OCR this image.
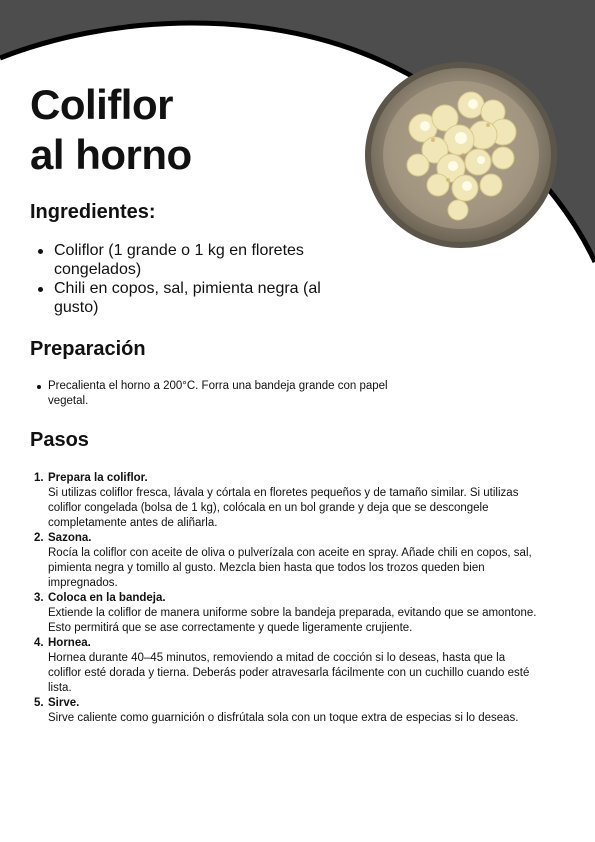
Coliflor
al horno
Ingredientes:
Coliflor (1 grande o 1 kg en floretes congelados)
Chili en copos, sal, pimienta negra (al gusto)
Preparación
Precalienta el horno a 200°C. Forra una bandeja grande con papel vegetal.
Pasos
1. Prepara la coliflor.
Si utilizas coliflor fresca, lávala y córtala en floretes pequeños y de tamaño similar. Si utilizas coliflor congelada (bolsa de 1 kg), colócala en un bol grande y deja que se descongele completamente antes de aliñarla.
2. Sazona.
Rocía la coliflor con aceite de oliva o pulverízala con aceite en spray. Añade chili en copos, sal, pimienta negra y tomillo al gusto. Mezcla bien hasta que todos los trozos queden bien impregnados.
3. Coloca en la bandeja.
Extiende la coliflor de manera uniforme sobre la bandeja preparada, evitando que se amontone. Esto permitirá que se ase correctamente y quede ligeramente crujiente.
4. Hornea.
Hornea durante 40–45 minutos, removiendo a mitad de cocción si lo deseas, hasta que la coliflor esté dorada y tierna. Deberás poder atravesarla fácilmente con un cuchillo cuando esté lista.
5. Sirve.
Sirve caliente como guarnición o disfrútala sola con un toque extra de especias si lo deseas.
